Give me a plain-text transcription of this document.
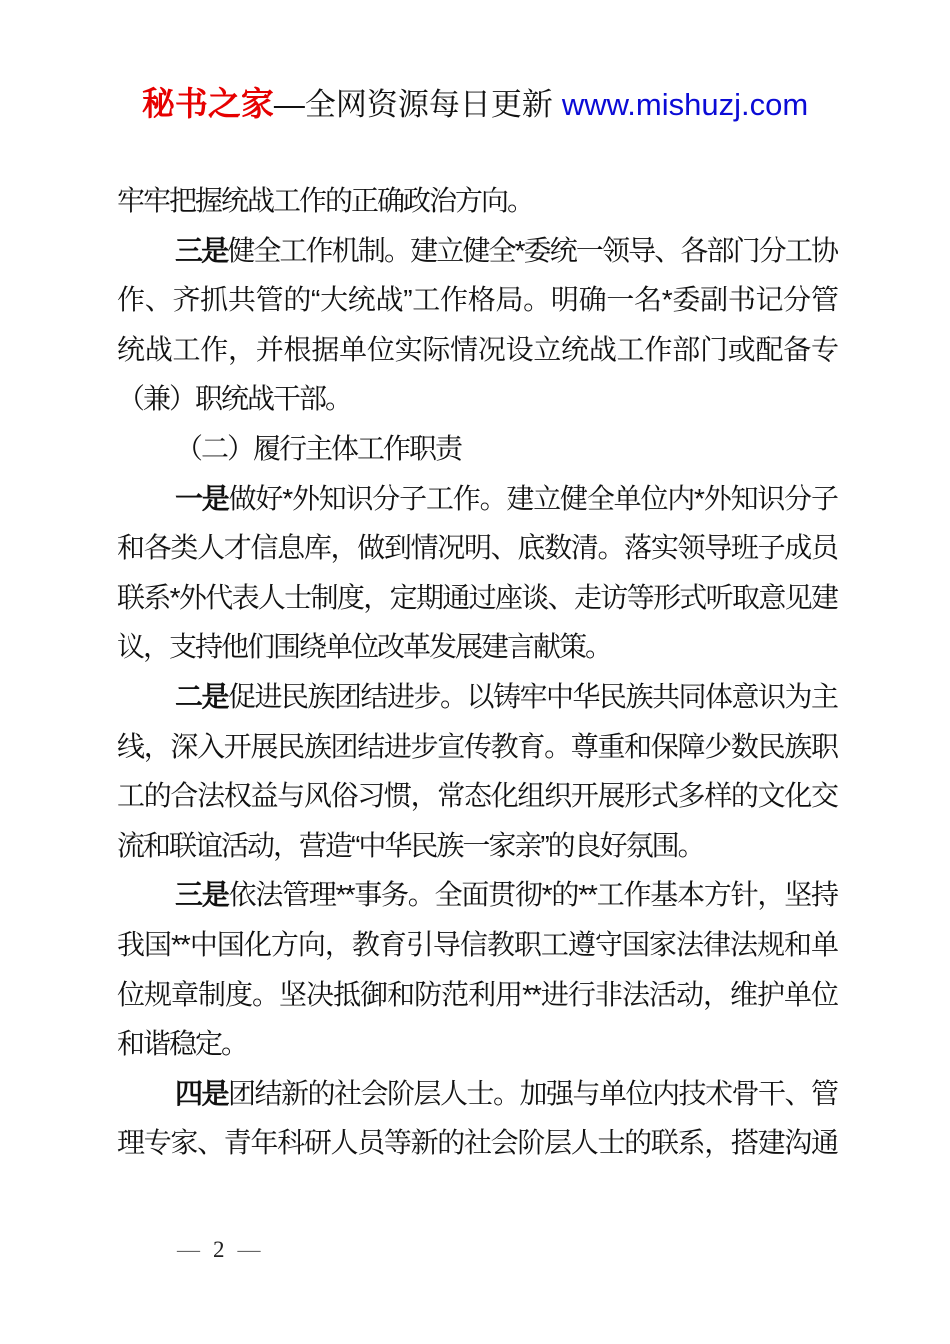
秘书之家—全网资源每日更新 www.mishuzj.com
牢牢把握统战工作的正确政治方向。
三是健全工作机制。建立健全*委统一领导、各部门分工协
作、齐抓共管的“大统战”工作格局。明确一名*委副书记分管
统战工作，并根据单位实际情况设立统战工作部门或配备专
（兼）职统战干部。
（二）履行主体工作职责
一是做好*外知识分子工作。建立健全单位内*外知识分子
和各类人才信息库，做到情况明、底数清。落实领导班子成员
联系*外代表人士制度，定期通过座谈、走访等形式听取意见建
议，支持他们围绕单位改革发展建言献策。
二是促进民族团结进步。以铸牢中华民族共同体意识为主
线，深入开展民族团结进步宣传教育。尊重和保障少数民族职
工的合法权益与风俗习惯，常态化组织开展形式多样的文化交
流和联谊活动，营造“中华民族一家亲”的良好氛围。
三是依法管理**事务。全面贯彻*的**工作基本方针，坚持
我国**中国化方向，教育引导信教职工遵守国家法律法规和单
位规章制度。坚决抵御和防范利用**进行非法活动，维护单位
和谐稳定。
四是团结新的社会阶层人士。加强与单位内技术骨干、管
理专家、青年科研人员等新的社会阶层人士的联系，搭建沟通
— 2 —
